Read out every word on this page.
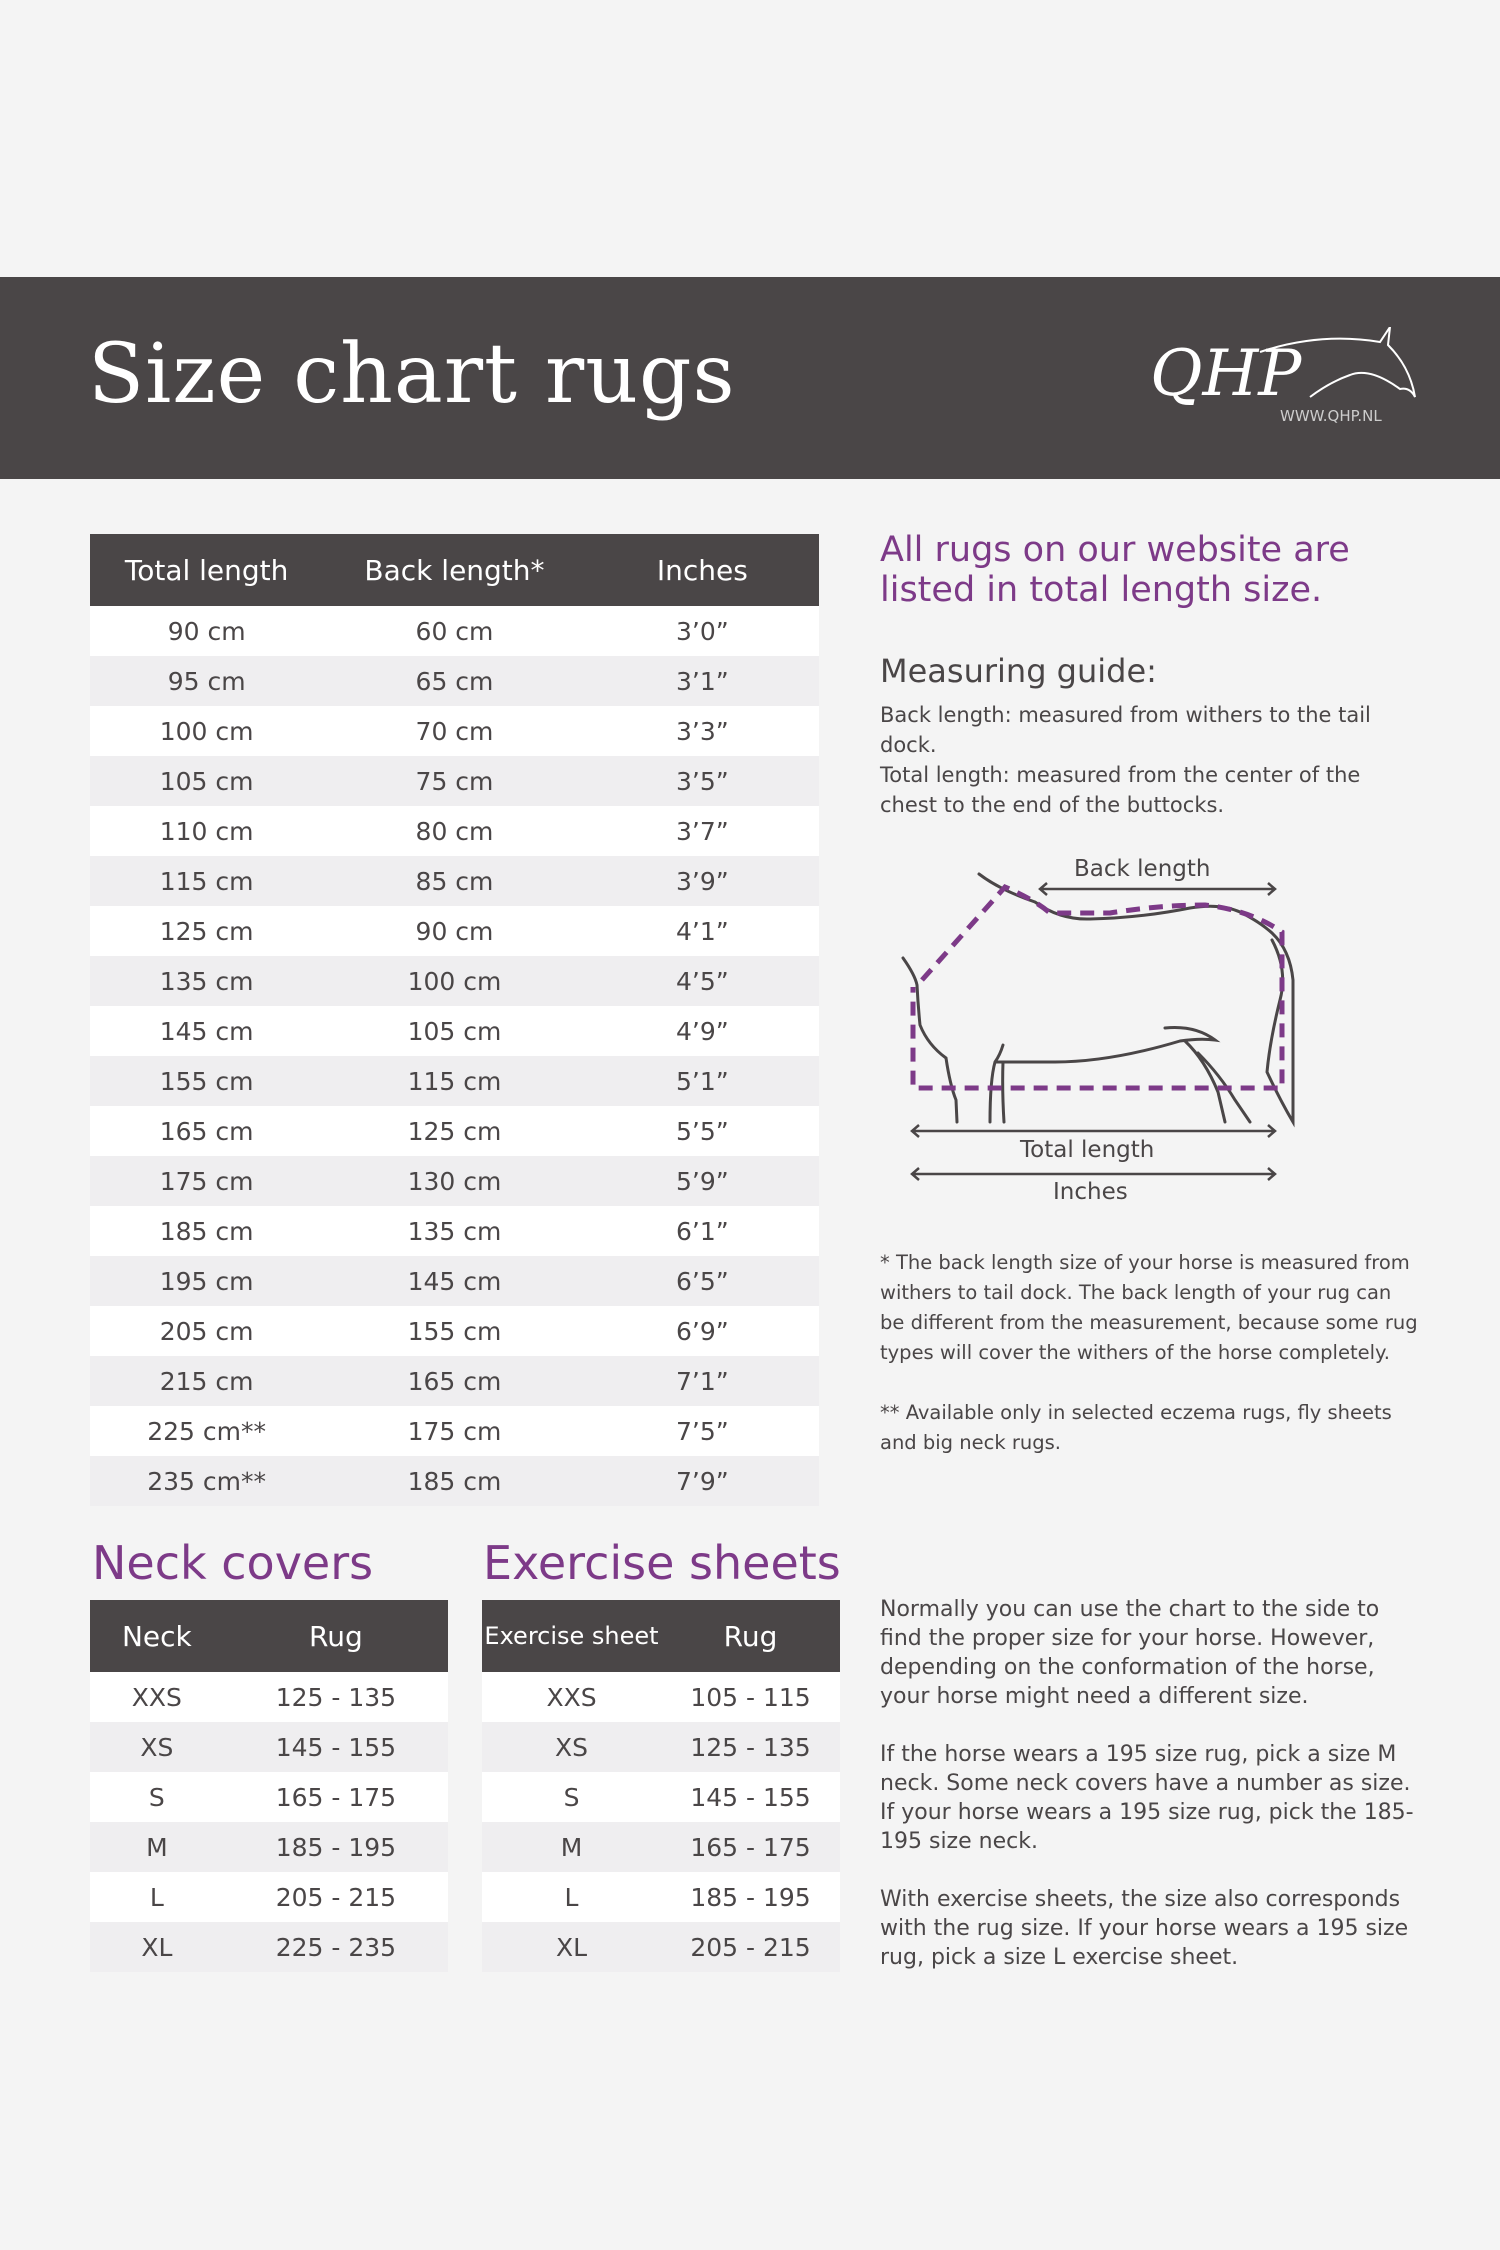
Size chart rugs	QHP
WWW.QHP.NL
Total length	Back length*	Inches
90 cm	60 cm	3’0”
95 cm	65 cm	3’1”
100 cm	70 cm	3’3”
105 cm	75 cm	3’5”
110 cm	80 cm	3’7”
115 cm	85 cm	3’9”
125 cm	90 cm	4’1”
135 cm	100 cm	4’5”
145 cm	105 cm	4’9”
155 cm	115 cm	5’1”
165 cm	125 cm	5’5”
175 cm	130 cm	5’9”
185 cm	135 cm	6’1”
195 cm	145 cm	6’5”
205 cm	155 cm	6’9”
215 cm	165 cm	7’1”
225 cm**	175 cm	7’5”
235 cm**	185 cm	7’9”
All rugs on our website are listed in total length size.
Measuring guide:
Back length: measured from withers to the tail dock.
Total length: measured from the center of the chest to the end of the buttocks.
Back length
Total length
Inches
* The back length size of your horse is measured from withers to tail dock. The back length of your rug can be different from the measurement, because some rug types will cover the withers of the horse completely.
** Available only in selected eczema rugs, fly sheets and big neck rugs.
Neck covers Exercise sheets
Neck	Rug
XXS	125 - 135
XS	145 - 155
S	165 - 175
M	185 - 195
L	205 - 215
XL	225 - 235
Exercise sheet	Rug
XXS	105 - 115
XS	125 - 135
S	145 - 155
M	165 - 175
L	185 - 195
XL	205 - 215

Normally you can use the chart to the side to find the proper size for your horse. However, depending on the conformation of the horse, your horse might need a different size.

If the horse wears a 195 size rug, pick a size M neck. Some neck covers have a number as size. If your horse wears a 195 size rug, pick the 185-195 size neck.

With exercise sheets, the size also corresponds with the rug size. If your horse wears a 195 size rug, pick a size L exercise sheet.
